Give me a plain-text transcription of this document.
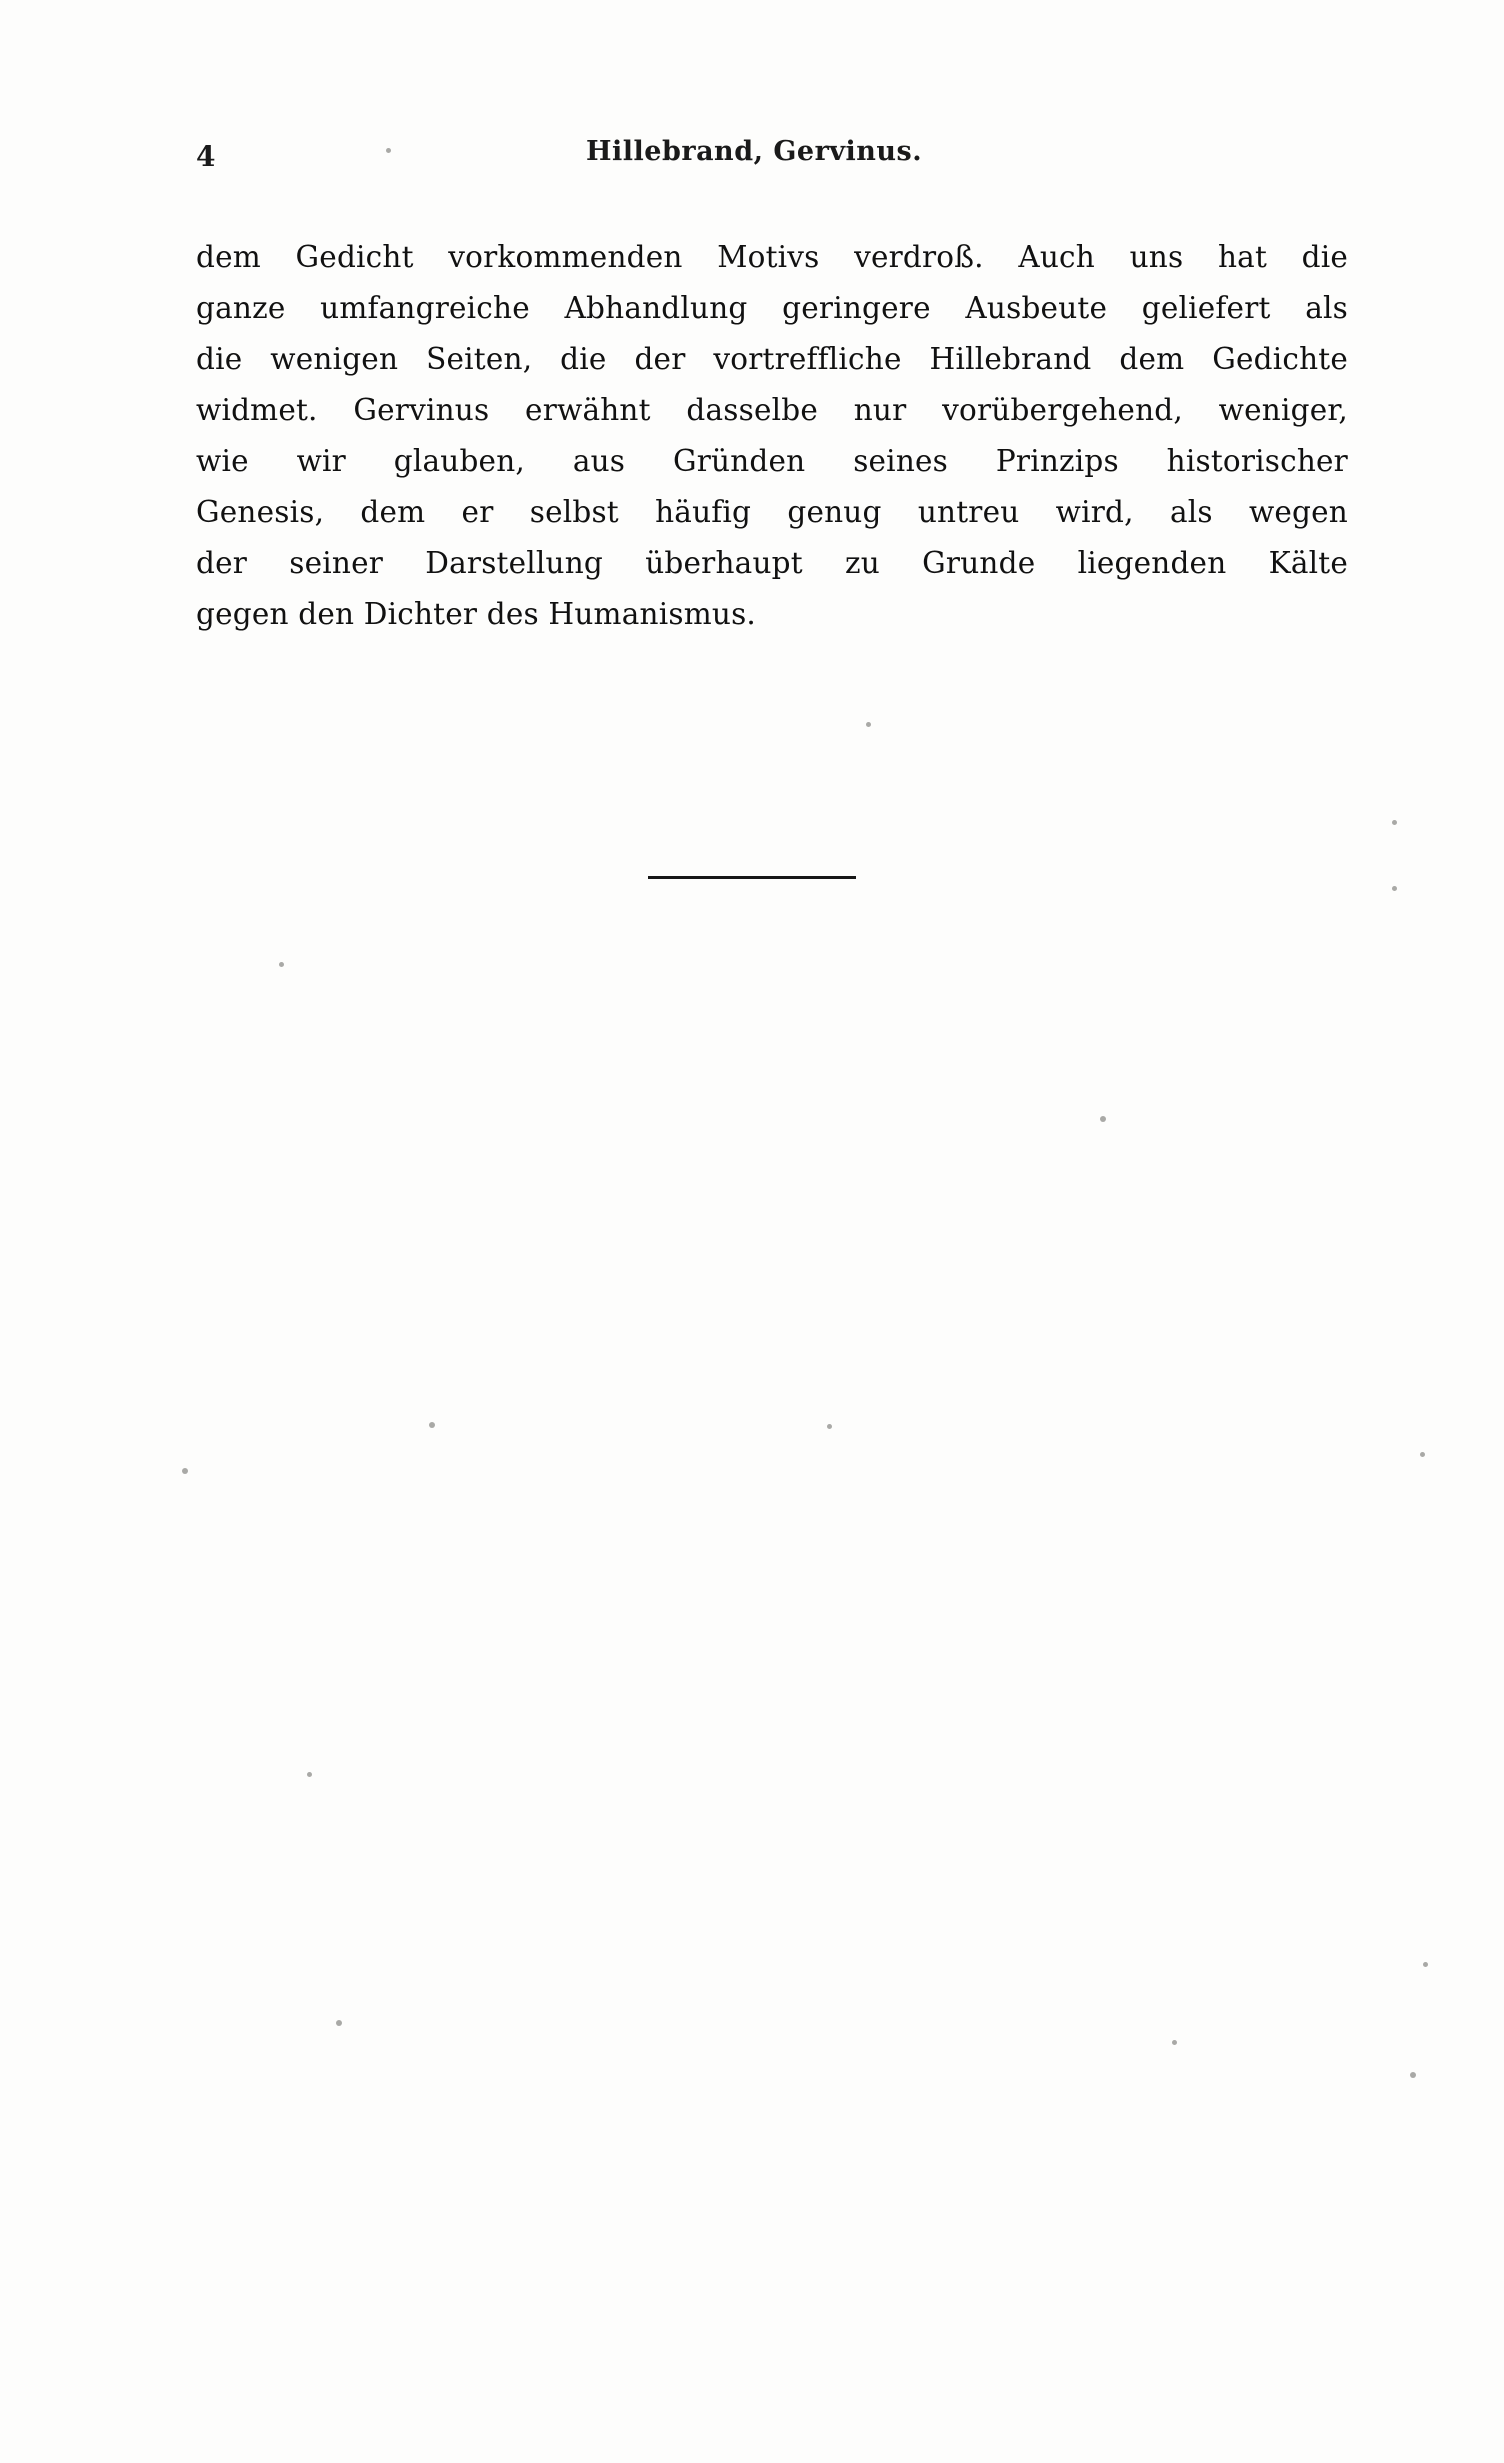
4	Hillebrand, Gervinus.
dem Gedicht vorkommenden Motivs verdroß. Auch uns hat die
ganze umfangreiche Abhandlung geringere Ausbeute geliefert als
die wenigen Seiten, die der vortreffliche Hillebrand dem Gedichte
widmet. Gervinus erwähnt dasselbe nur vorübergehend, weniger,
wie wir glauben, aus Gründen seines Prinzips historischer
Genesis, dem er selbst häufig genug untreu wird, als wegen
der seiner Darstellung überhaupt zu Grunde liegenden Kälte
gegen den Dichter des Humanismus.
